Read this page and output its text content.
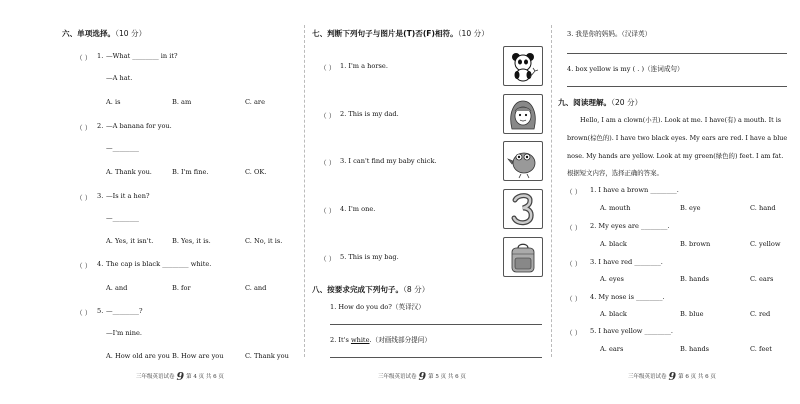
六、单项选择。（10 分）
（ ） 1. —What ________ in it?
—A hat.
A. is	B. am	C. are
（ ） 2. —A banana for you.
—________
A. Thank you.	B. I'm fine.	C. OK.
（ ） 3. —Is it a hen?
—________
A. Yes, it isn't.	B. Yes, it is.	C. No, it is.
（ ） 4. The cap is black ________ white.
A. and	B. for	C. and
（ ） 5. —________?
—I'm nine.
A. How old are you B. How are you	C. Thank you
三年级英语试卷 9 第 4 页 共 6 页
七、判断下列句子与图片是(T)否(F)相符。（10 分）
（ ） 1. I'm a horse.
（ ） 2. This is my dad.
（ ） 3. I can't find my baby chick.
（ ） 4. I'm one.
（ ） 5. This is my bag.
八、按要求完成下列句子。（8 分）
1. How do you do?（英译汉）
2. It's white.（对画线部分提问）
三年级英语试卷 9 第 5 页 共 6 页
3. 我是你的妈妈。（汉译英）
4. box yellow is my ( . )（连词成句）
九、阅读理解。（20 分）
Hello, I am a clown(小丑). Look at me. I have(有) a mouth. It is
brown(棕色的). I have two black eyes. My ears are red. I have a blue
nose. My hands are yellow. Look at my green(绿色的) feet. I am fat.
根据短文内容，选择正确的答案。
（ ） 1. I have a brown ________.
A. mouth	B. eye	C. hand
（ ） 2. My eyes are ________.
A. black	B. brown	C. yellow
（ ） 3. I have red ________.
A. eyes	B. hands	C. ears
（ ） 4. My nose is ________.
A. black	B. blue	C. red
（ ） 5. I have yellow ________.
A. ears	B. hands	C. feet
三年级英语试卷 9 第 6 页 共 6 页
